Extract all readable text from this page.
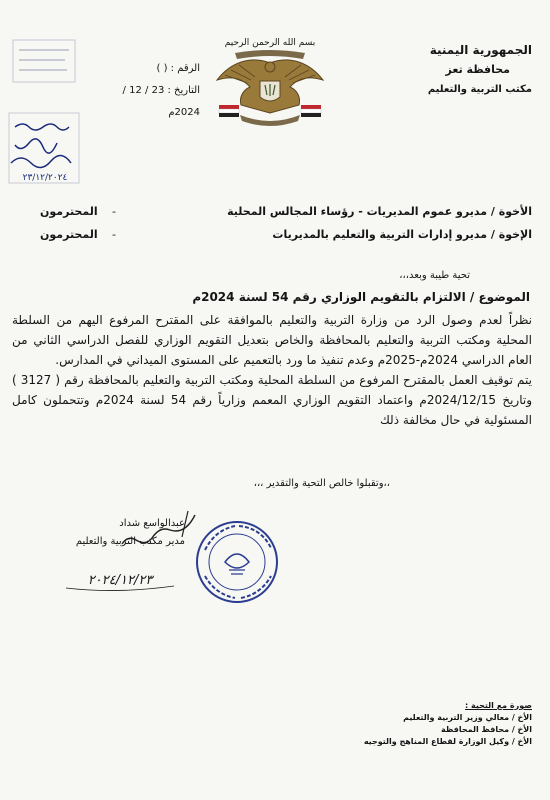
بسم الله الرحمن الرحيم	الجمهورية اليمنية
محافظة تعز
مكتب التربية والتعليم
الرقم : ( )
التاريخ : 23 / 12 / 2024م
٢٣/١٢/٢٠٢٤
الأخوة / مديرو عموم المديريات - رؤساء المجالس المحلية
-
المحترمون
الإخوة / مديرو إدارات التربية والتعليم بالمديريات
-
المحترمون
تحية طيبة وبعد،،،
الموضوع / الالتزام بالتقويم الوزاري رقم 54 لسنة 2024م

نظراً لعدم وصول الرد من وزارة التربية والتعليم بالموافقة على المقترح المرفوع اليهم من السلطة المحلية ومكتب التربية والتعليم بالمحافظة والخاص بتعديل التقويم الوزاري للفصل الدراسي الثاني من العام الدراسي 2024م-2025م وعدم تنفيذ ما ورد بالتعميم على المستوى الميداني في المدارس.

يتم توقيف العمل بالمقترح المرفوع من السلطة المحلية ومكتب التربية والتعليم بالمحافظة رقم ( 3127 ) وتاريخ 2024/12/15م واعتماد التقويم الوزاري المعمم وزارياً رقم 54 لسنة 2024م وتتحملون كامل المسئولية في حال مخالفة ذلك

،،وتقبلوا خالص التحية والتقدير ،،،
عبدالواسع شداد
مدير مكتب التربية والتعليم
٢٠٢٤/١٢/٢٣
صورة مع التحية :
الأخ / معالي وزير التربية والتعليم
الأخ / محافظ المحافظة
الأخ / وكيل الوزارة لقطاع المناهج والتوجيه
